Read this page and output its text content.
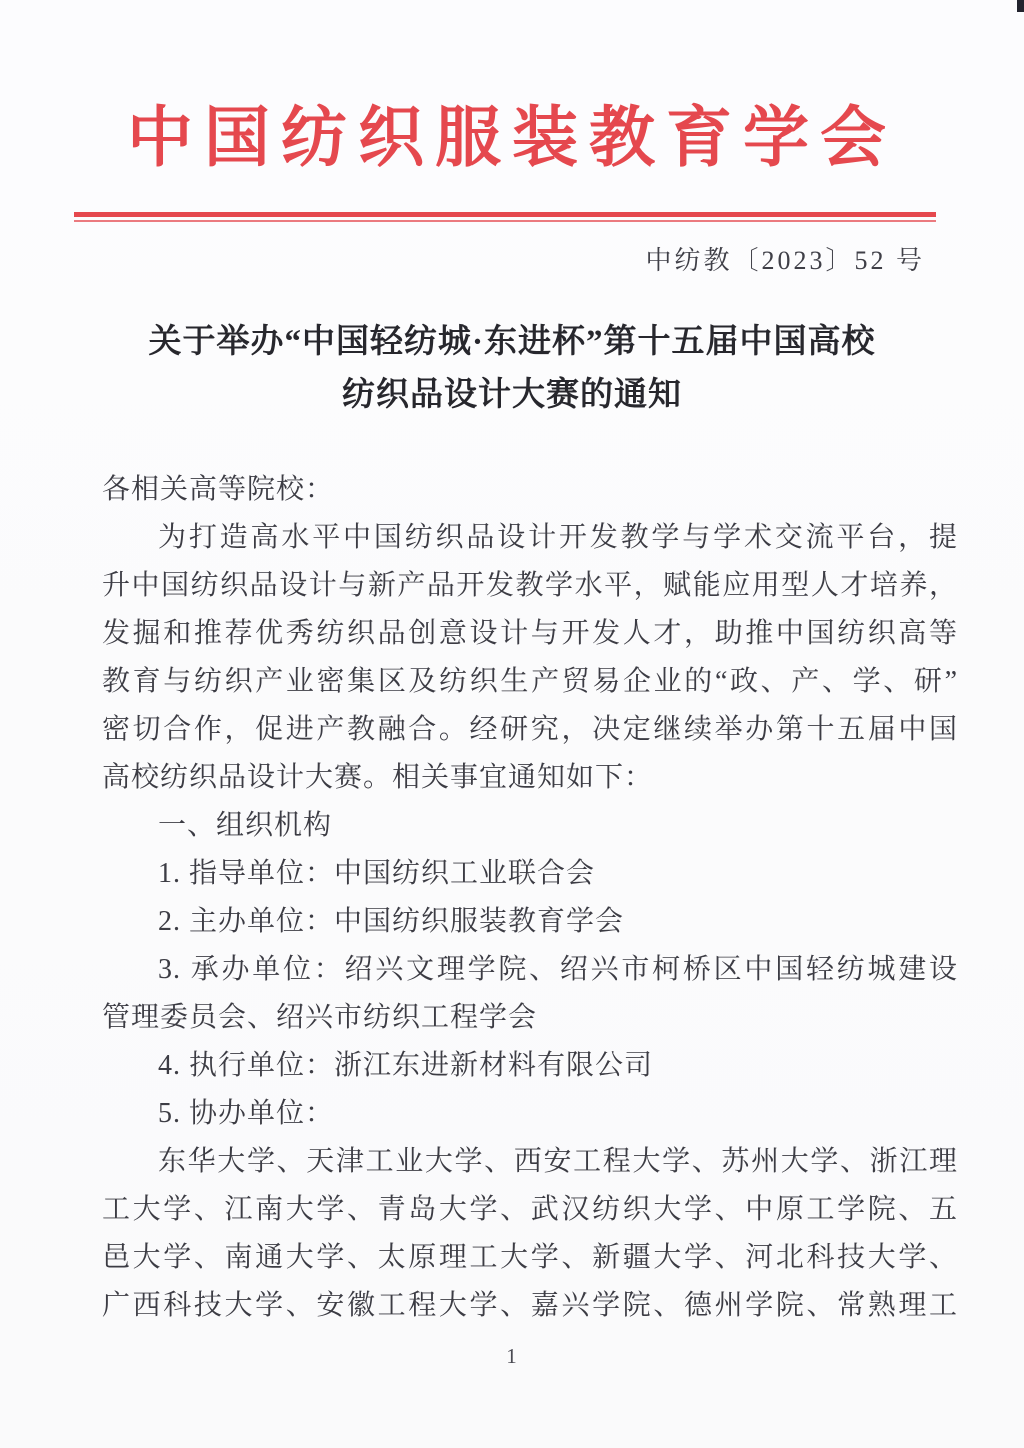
中国纺织服装教育学会
中纺教〔2023〕52 号
关于举办“中国轻纺城·东进杯”第十五届中国高校
纺织品设计大赛的通知
各相关高等院校：
为打造高水平中国纺织品设计开发教学与学术交流平台，提
升中国纺织品设计与新产品开发教学水平，赋能应用型人才培养，
发掘和推荐优秀纺织品创意设计与开发人才，助推中国纺织高等
教育与纺织产业密集区及纺织生产贸易企业的“政、产、学、研”
密切合作，促进产教融合。经研究，决定继续举办第十五届中国
高校纺织品设计大赛。相关事宜通知如下：
一、组织机构
1. 指导单位：中国纺织工业联合会
2. 主办单位：中国纺织服装教育学会
3. 承办单位：绍兴文理学院、绍兴市柯桥区中国轻纺城建设
管理委员会、绍兴市纺织工程学会
4. 执行单位：浙江东进新材料有限公司
5. 协办单位：
东华大学、天津工业大学、西安工程大学、苏州大学、浙江理
工大学、江南大学、青岛大学、武汉纺织大学、中原工学院、五
邑大学、南通大学、太原理工大学、新疆大学、河北科技大学、
广西科技大学、安徽工程大学、嘉兴学院、德州学院、常熟理工
1
